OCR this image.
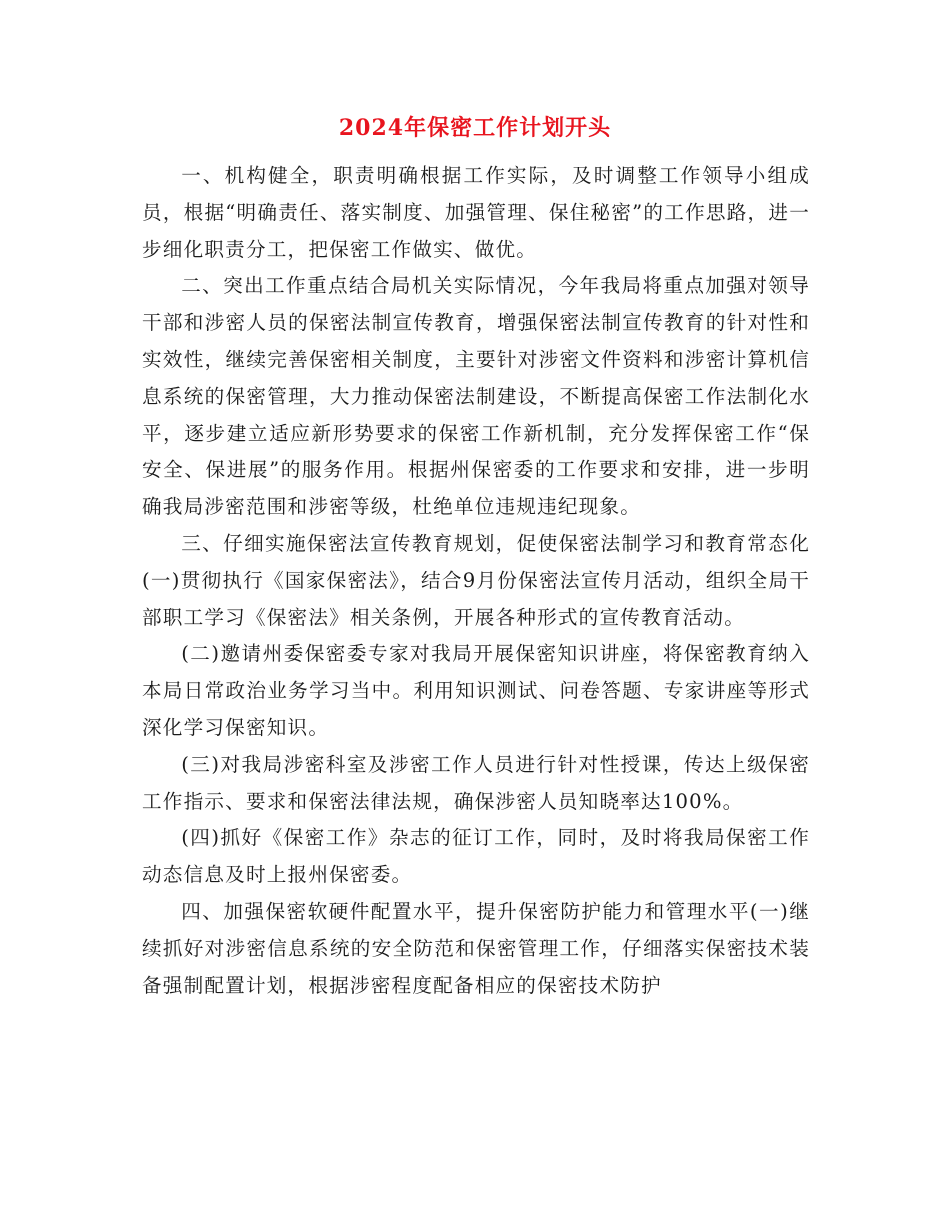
2024年保密工作计划开头

一、机构健全，职责明确根据工作实际，及时调整工作领导小组成员，根据“明确责任、落实制度、加强管理、保住秘密”的工作思路，进一步细化职责分工，把保密工作做实、做优。

二、突出工作重点结合局机关实际情况，今年我局将重点加强对领导干部和涉密人员的保密法制宣传教育，增强保密法制宣传教育的针对性和实效性，继续完善保密相关制度，主要针对涉密文件资料和涉密计算机信息系统的保密管理，大力推动保密法制建设，不断提高保密工作法制化水平，逐步建立适应新形势要求的保密工作新机制，充分发挥保密工作“保安全、保进展”的服务作用。根据州保密委的工作要求和安排，进一步明确我局涉密范围和涉密等级，杜绝单位违规违纪现象。

三、仔细实施保密法宣传教育规划，促使保密法制学习和教育常态化(一)贯彻执行《国家保密法》，结合9月份保密法宣传月活动，组织全局干部职工学习《保密法》相关条例，开展各种形式的宣传教育活动。

(二)邀请州委保密委专家对我局开展保密知识讲座，将保密教育纳入本局日常政治业务学习当中。利用知识测试、问卷答题、专家讲座等形式深化学习保密知识。

(三)对我局涉密科室及涉密工作人员进行针对性授课，传达上级保密工作指示、要求和保密法律法规，确保涉密人员知晓率达100%。

(四)抓好《保密工作》杂志的征订工作，同时，及时将我局保密工作动态信息及时上报州保密委。

四、加强保密软硬件配置水平，提升保密防护能力和管理水平(一)继续抓好对涉密信息系统的安全防范和保密管理工作，仔细落实保密技术装备强制配置计划，根据涉密程度配备相应的保密技术防护
